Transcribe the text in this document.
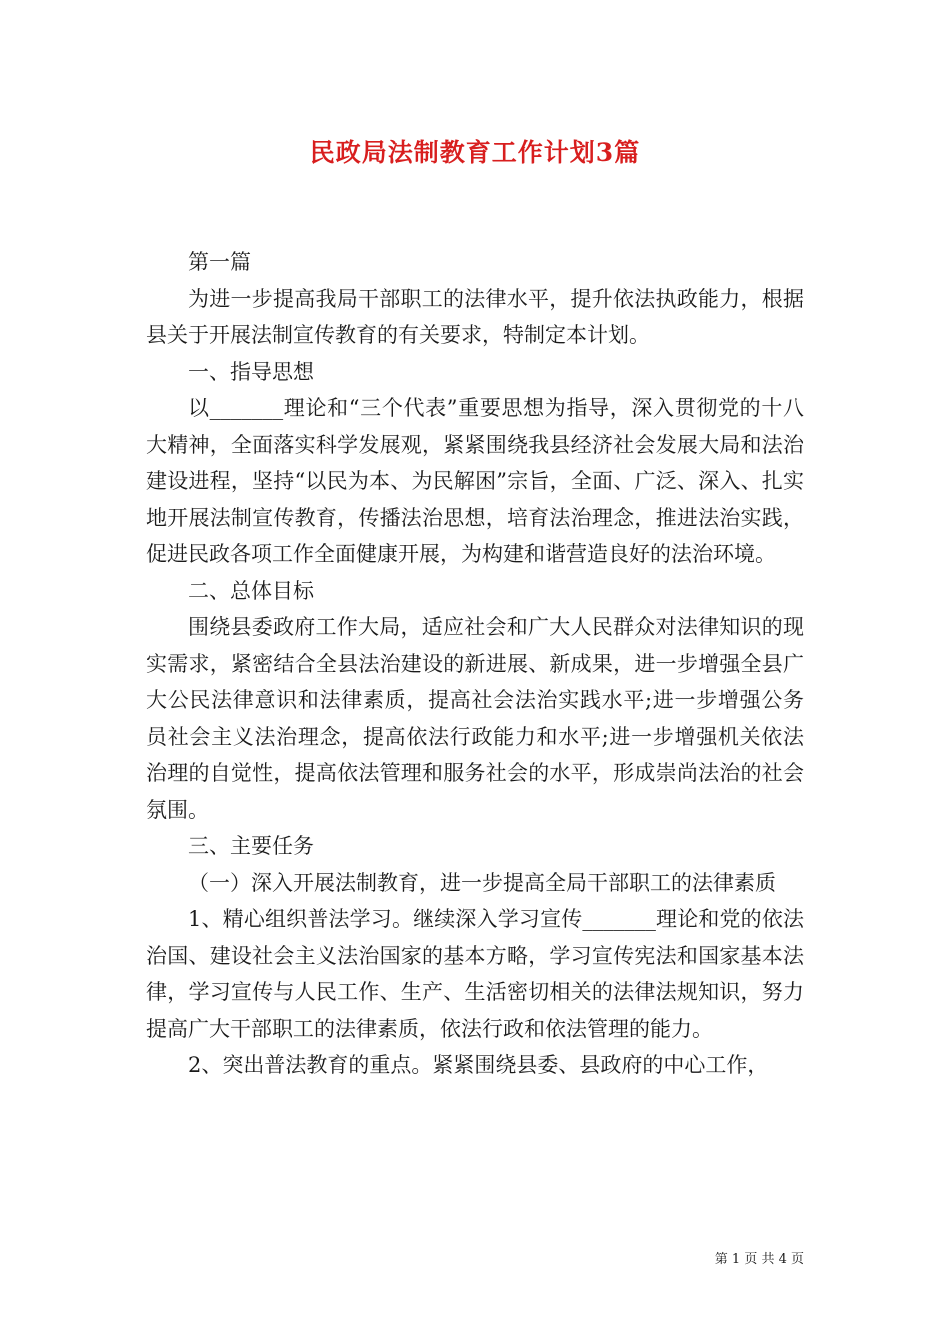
民政局法制教育工作计划3篇

第一篇

为进一步提高我局干部职工的法律水平，提升依法执政能力，根据县关于开展法制宣传教育的有关要求，特制定本计划。

一、指导思想

以_______理论和“三个代表”重要思想为指导，深入贯彻党的十八大精神，全面落实科学发展观，紧紧围绕我县经济社会发展大局和法治建设进程，坚持“以民为本、为民解困”宗旨，全面、广泛、深入、扎实地开展法制宣传教育，传播法治思想，培育法治理念，推进法治实践，促进民政各项工作全面健康开展，为构建和谐营造良好的法治环境。

二、总体目标

围绕县委政府工作大局，适应社会和广大人民群众对法律知识的现实需求，紧密结合全县法治建设的新进展、新成果，进一步增强全县广大公民法律意识和法律素质，提高社会法治实践水平;进一步增强公务员社会主义法治理念，提高依法行政能力和水平;进一步增强机关依法治理的自觉性，提高依法管理和服务社会的水平，形成崇尚法治的社会氛围。

三、主要任务

（一）深入开展法制教育，进一步提高全局干部职工的法律素质

1、精心组织普法学习。继续深入学习宣传_______理论和党的依法治国、建设社会主义法治国家的基本方略，学习宣传宪法和国家基本法律，学习宣传与人民工作、生产、生活密切相关的法律法规知识，努力提高广大干部职工的法律素质，依法行政和依法管理的能力。

2、突出普法教育的重点。紧紧围绕县委、县政府的中心工作，

第 1 页 共 4 页
